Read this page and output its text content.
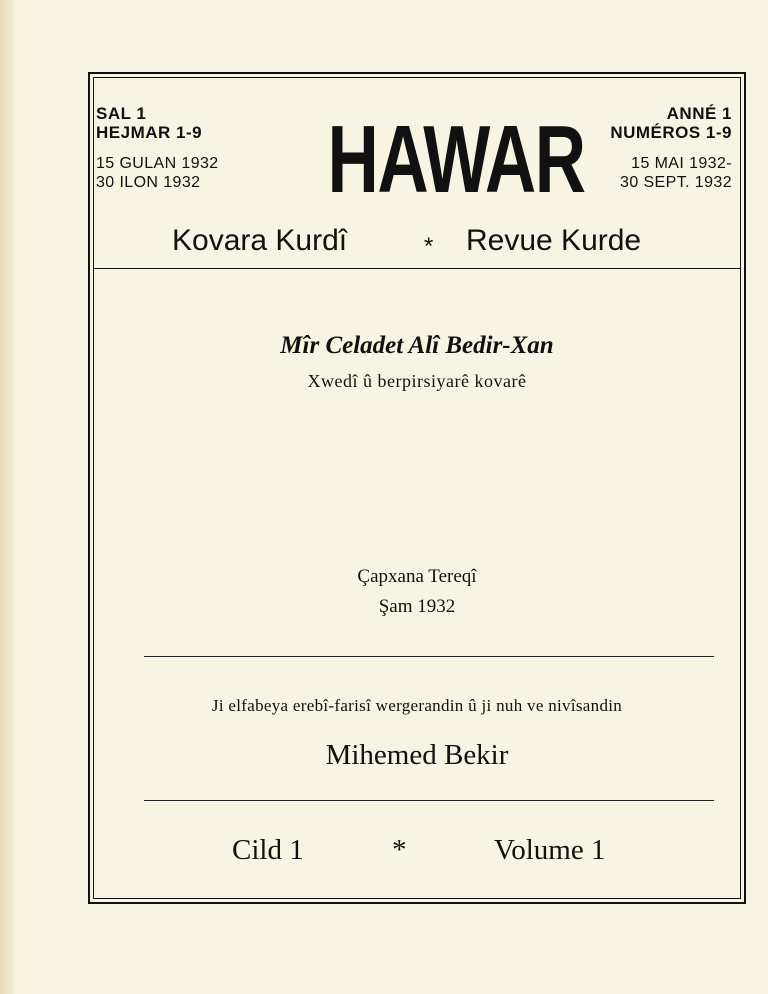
SAL 1
HEJMAR 1-9
15 GULAN 1932
30 ILON 1932 HAWAR	ANNÉ 1
NUMÉROS 1-9
15 MAI 1932-
30 SEPT. 1932
Kovara Kurdî	* Revue Kurde
Mîr Celadet Alî Bedir-Xan
Xwedî û berpirsiyarê kovarê
Çapxana Tereqî
Şam 1932
Ji elfabeya erebî-farisî wergerandin û ji nuh ve nivîsandin
Mihemed Bekir
Cild 1	*	Volume 1
